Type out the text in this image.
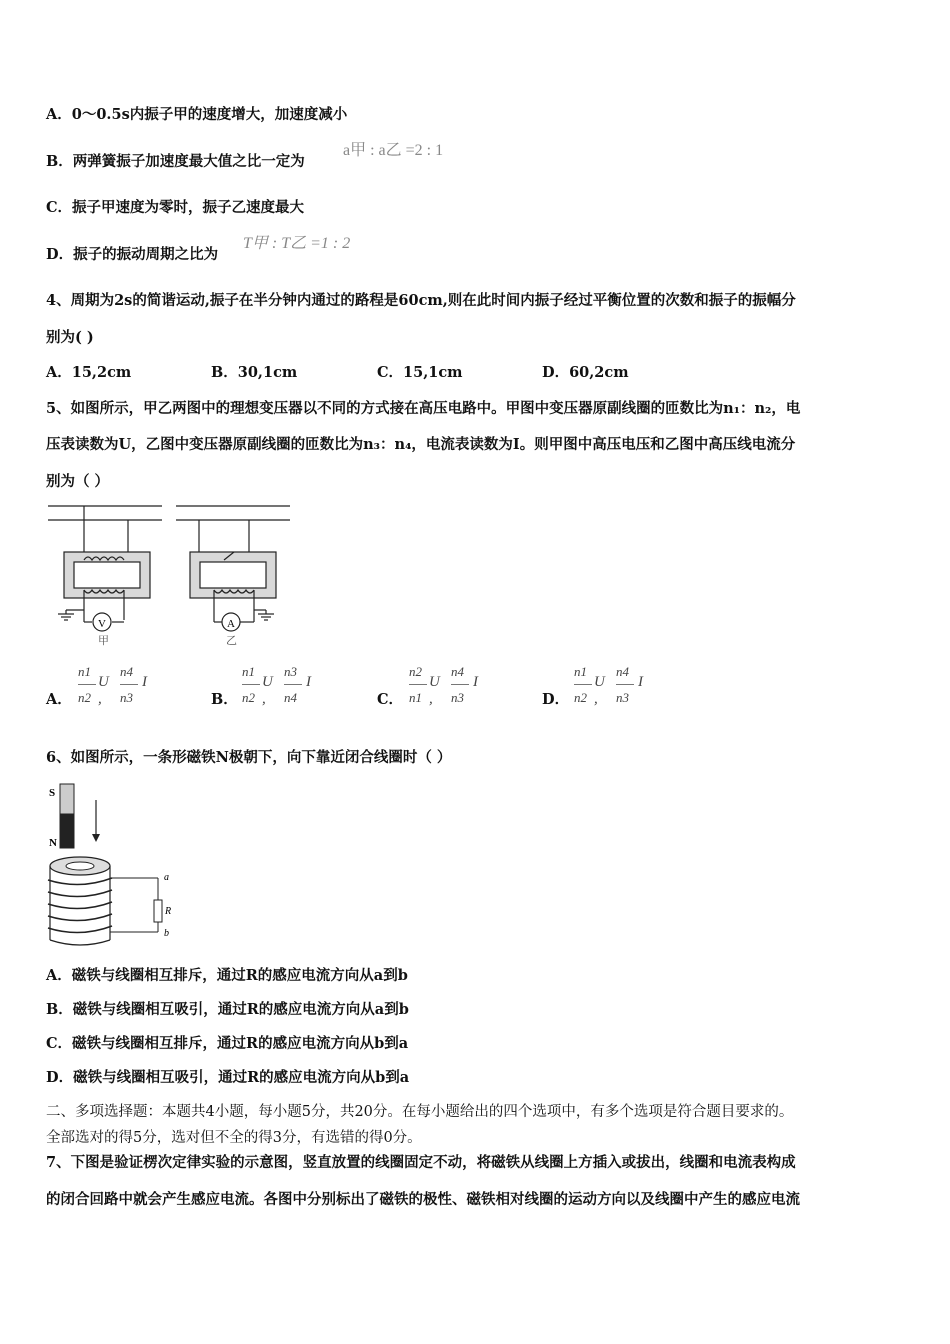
A．0～0.5s内振子甲的速度增大，加速度减小
B．两弹簧振子加速度最大值之比一定为
a甲 : a乙 =2 : 1
C．振子甲速度为零时，振子乙速度最大
D．振子的振动周期之比为
T甲 : T乙 =1 : 2
4、周期为2s的简谐运动,振子在半分钟内通过的路程是60cm,则在此时间内振子经过平衡位置的次数和振子的振幅分
别为( )
A．15,2cm	B．30,1cm	C．15,1cm	D．60,2cm
5、如图所示，甲乙两图中的理想变压器以不同的方式接在高压电路中。甲图中变压器原副线圈的匝数比为n₁：n₂，电
压表读数为U，乙图中变压器原副线圈的匝数比为n₃：n₄，电流表读数为I。则甲图中高压电压和乙图中高压线电流分
别为（ ）
V	A
甲	乙
A．
n1
n2
U ,
n4
n3
I
B．
n1
n2
U ,
n3
n4
I
C．
n2
n1
U ,
n4
n3
I
D．
n1
n2
U ,
n4
n3
I
6、如图所示，一条形磁铁N极朝下，向下靠近闭合线圈时（ ）
S
N
a
R
b
A．磁铁与线圈相互排斥，通过R的感应电流方向从a到b
B．磁铁与线圈相互吸引，通过R的感应电流方向从a到b
C．磁铁与线圈相互排斥，通过R的感应电流方向从b到a
D．磁铁与线圈相互吸引，通过R的感应电流方向从b到a
二、多项选择题：本题共4小题，每小题5分，共20分。在每小题给出的四个选项中，有多个选项是符合题目要求的。
全部选对的得5分，选对但不全的得3分，有选错的得0分。
7、下图是验证楞次定律实验的示意图，竖直放置的线圈固定不动，将磁铁从线圈上方插入或拔出，线圈和电流表构成
的闭合回路中就会产生感应电流。各图中分别标出了磁铁的极性、磁铁相对线圈的运动方向以及线圈中产生的感应电流
